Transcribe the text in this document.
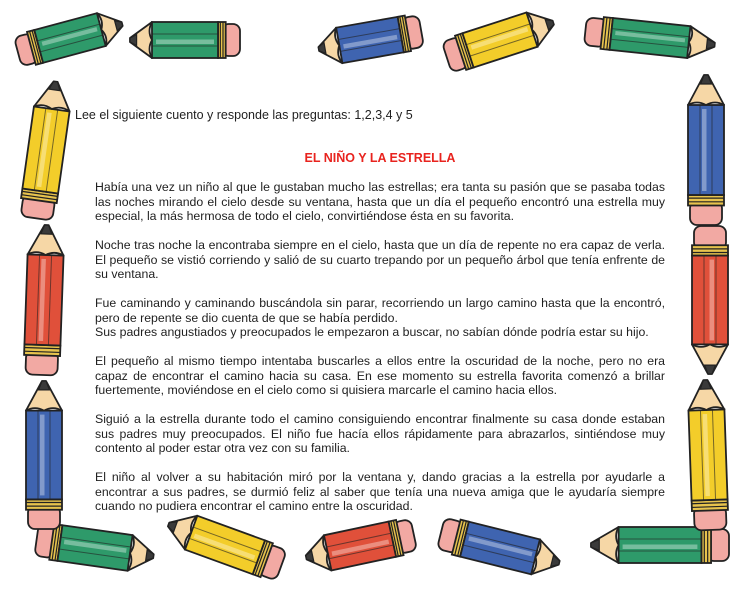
Lee el siguiente cuento y responde las preguntas: 1,2,3,4 y 5
EL NIÑO Y LA ESTRELLA

Había una vez un niño al que le gustaban mucho las estrellas; era tanta su pasión que se pasaba todas las noches mirando el cielo desde su ventana, hasta que un día el pequeño encontró una estrella muy especial, la más hermosa de todo el cielo, convirtiéndose ésta en su favorita.

Noche tras noche la encontraba siempre en el cielo, hasta que un día de repente no era capaz de verla. El pequeño se vistió corriendo y salió de su cuarto trepando por un pequeño árbol que tenía enfrente de su ventana.

Fue caminando y caminando buscándola sin parar, recorriendo un largo camino hasta que la encontró, pero de repente se dio cuenta de que se había perdido.

Sus padres angustiados y preocupados le empezaron a buscar, no sabían dónde podría estar su hijo.

El pequeño al mismo tiempo intentaba buscarles a ellos entre la oscuridad de la noche, pero no era capaz de encontrar el camino hacia su casa. En ese momento su estrella favorita comenzó a brillar fuertemente, moviéndose en el cielo como si quisiera marcarle el camino hacia ellos.

Siguió a la estrella durante todo el camino consiguiendo encontrar finalmente su casa donde estaban sus padres muy preocupados. El niño fue hacía ellos rápidamente para abrazarlos, sintiéndose muy contento al poder estar otra vez con su familia.

El niño al volver a su habitación miró por la ventana y, dando gracias a la estrella por ayudarle a encontrar a sus padres, se durmió feliz al saber que tenía una nueva amiga que le ayudaría siempre cuando no pudiera encontrar el camino entre la oscuridad.
